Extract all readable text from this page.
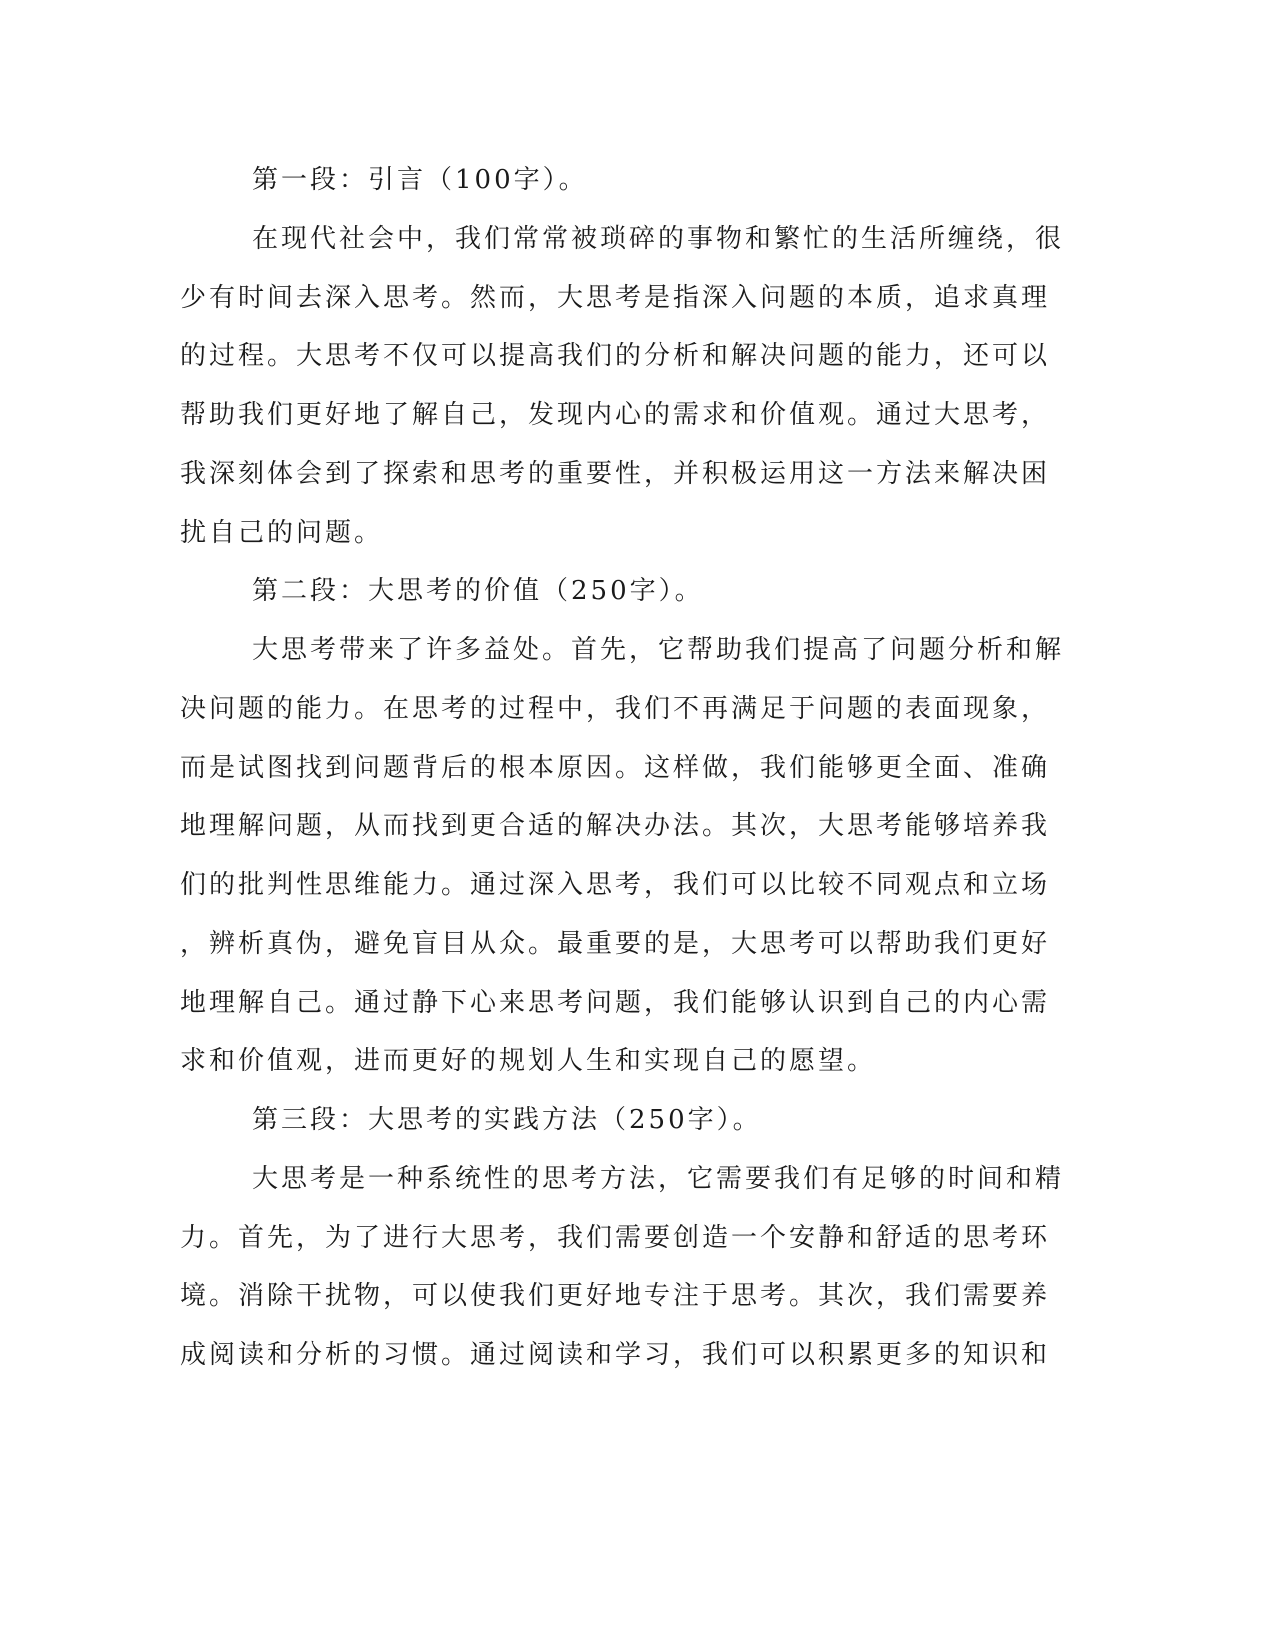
第一段：引言（100字）。
在现代社会中，我们常常被琐碎的事物和繁忙的生活所缠绕，很
少有时间去深入思考。然而，大思考是指深入问题的本质，追求真理
的过程。大思考不仅可以提高我们的分析和解决问题的能力，还可以
帮助我们更好地了解自己，发现内心的需求和价值观。通过大思考，
我深刻体会到了探索和思考的重要性，并积极运用这一方法来解决困
扰自己的问题。
第二段：大思考的价值（250字）。
大思考带来了许多益处。首先，它帮助我们提高了问题分析和解
决问题的能力。在思考的过程中，我们不再满足于问题的表面现象，
而是试图找到问题背后的根本原因。这样做，我们能够更全面、准确
地理解问题，从而找到更合适的解决办法。其次，大思考能够培养我
们的批判性思维能力。通过深入思考，我们可以比较不同观点和立场
，辨析真伪，避免盲目从众。最重要的是，大思考可以帮助我们更好
地理解自己。通过静下心来思考问题，我们能够认识到自己的内心需
求和价值观，进而更好的规划人生和实现自己的愿望。
第三段：大思考的实践方法（250字）。
大思考是一种系统性的思考方法，它需要我们有足够的时间和精
力。首先，为了进行大思考，我们需要创造一个安静和舒适的思考环
境。消除干扰物，可以使我们更好地专注于思考。其次，我们需要养
成阅读和分析的习惯。通过阅读和学习，我们可以积累更多的知识和
